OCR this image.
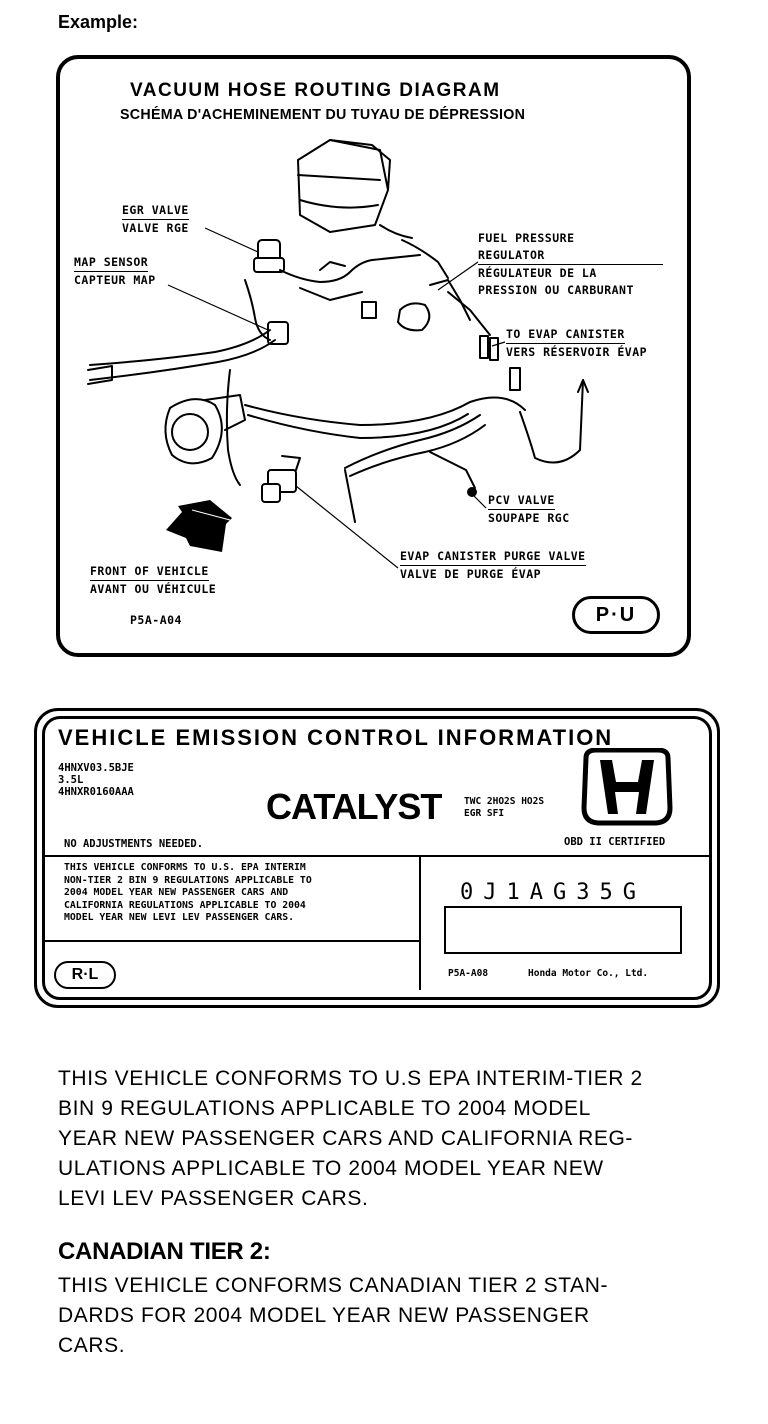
Example:
VACUUM HOSE ROUTING DIAGRAM
SCHÉMA D'ACHEMINEMENT DU TUYAU DE DÉPRESSION
EGR VALVE
VALVE RGE
MAP SENSOR
CAPTEUR MAP
FUEL PRESSURE
REGULATOR
RÉGULATEUR DE LA
PRESSION OU CARBURANT
TO EVAP CANISTER
VERS RÉSERVOIR ÉVAP
PCV VALVE
SOUPAPE RGC
EVAP CANISTER PURGE VALVE
VALVE DE PURGE ÉVAP
FRONT OF VEHICLE
AVANT OU VÉHICULE
P5A-A04	P·U
VEHICLE EMISSION CONTROL INFORMATION
4HNXV03.5BJE
3.5L
4HNXR0160AAA	CATALYST TWC 2HO2S HO2S
EGR SFI
NO ADJUSTMENTS NEEDED.	OBD II CERTIFIED
THIS VEHICLE CONFORMS TO U.S. EPA INTERIM
NON-TIER 2 BIN 9 REGULATIONS APPLICABLE TO
2004 MODEL YEAR NEW PASSENGER CARS AND
CALIFORNIA REGULATIONS APPLICABLE TO 2004
MODEL YEAR NEW LEVI LEV PASSENGER CARS.
0J1AG35G
R·L	P5A-A08	Honda Motor Co., Ltd.
THIS VEHICLE CONFORMS TO U.S EPA INTERIM-TIER 2
BIN 9 REGULATIONS APPLICABLE TO 2004 MODEL
YEAR NEW PASSENGER CARS AND CALIFORNIA REG-
ULATIONS APPLICABLE TO 2004 MODEL YEAR NEW
LEVI LEV PASSENGER CARS.
CANADIAN TIER 2:
THIS VEHICLE CONFORMS CANADIAN TIER 2 STAN-
DARDS FOR 2004 MODEL YEAR NEW PASSENGER
CARS.
